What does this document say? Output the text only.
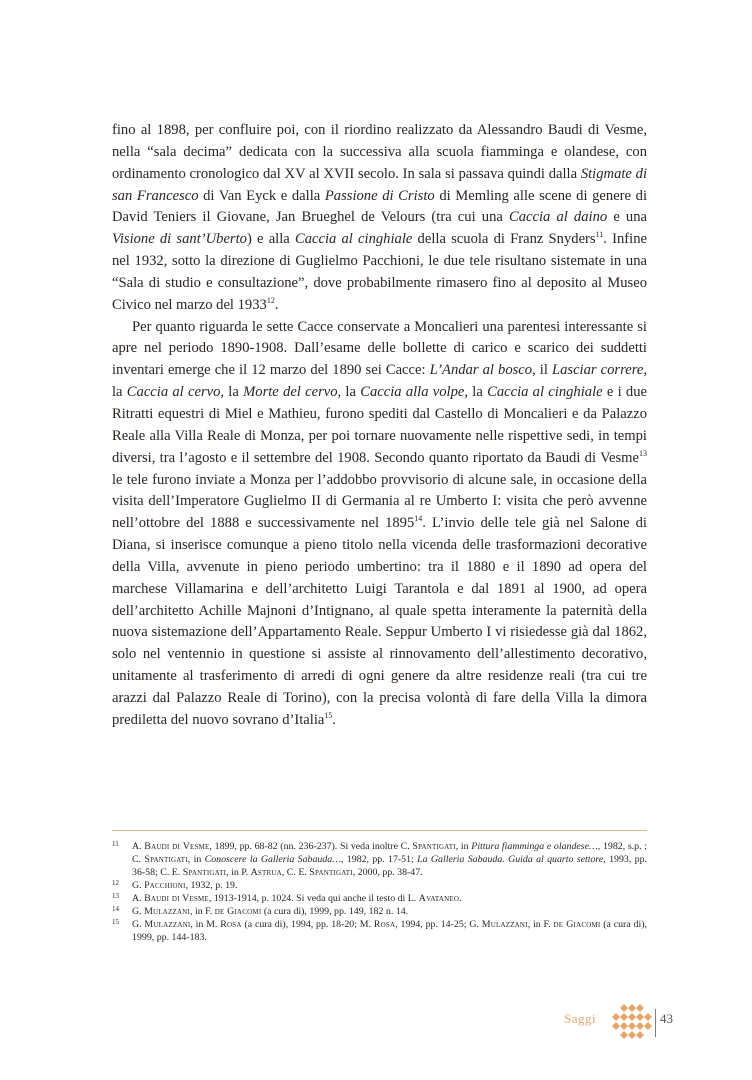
fino al 1898, per confluire poi, con il riordino realizzato da Alessandro Baudi di Vesme, nella “sala decima” dedicata con la successiva alla scuola fiamminga e olandese, con ordinamento cronologico dal XV al XVII secolo. In sala si passava quindi dalla Stigmate di san Francesco di Van Eyck e dalla Passione di Cristo di Memling alle scene di genere di David Teniers il Giovane, Jan Brueghel de Velours (tra cui una Caccia al daino e una Visione di sant’Uberto) e alla Caccia al cinghiale della scuola di Franz Snyders$^{11}$. Infine nel 1932, sotto la direzione di Guglielmo Pacchioni, le due tele risultano sistemate in una “Sala di studio e consultazione”, dove probabilmente rimasero fino al deposito al Museo Civico nel marzo del 1933$^{12}$.

Per quanto riguarda le sette Cacce conservate a Moncalieri una parentesi interessante si apre nel periodo 1890-1908. Dall’esame delle bollette di carico e scarico dei suddetti inventari emerge che il 12 marzo del 1890 sei Cacce: L’Andar al bosco, il Lasciar correre, la Caccia al cervo, la Morte del cervo, la Caccia alla volpe, la Caccia al cinghiale e i due Ritratti equestri di Miel e Mathieu, furono spediti dal Castello di Moncalieri e da Palazzo Reale alla Villa Reale di Monza, per poi tornare nuovamente nelle rispettive sedi, in tempi diversi, tra l’agosto e il settembre del 1908. Secondo quanto riportato da Baudi di Vesme$^{13}$ le tele furono inviate a Monza per l’addobbo provvisorio di alcune sale, in occasione della visita dell’Imperatore Guglielmo II di Germania al re Umberto I: visita che però avvenne nell’ottobre del 1888 e successivamente nel 1895$^{14}$. L’invio delle tele già nel Salone di Diana, si inserisce comunque a pieno titolo nella vicenda delle trasformazioni decorative della Villa, avvenute in pieno periodo umbertino: tra il 1880 e il 1890 ad opera del marchese Villamarina e dell’architetto Luigi Tarantola e dal 1891 al 1900, ad opera dell’architetto Achille Majnoni d’Intignano, al quale spetta interamente la paternità della nuova sistemazione dell’Appartamento Reale. Seppur Umberto I vi risiedesse già dal 1862, solo nel ventennio in questione si assiste al rinnovamento dell’allestimento decorativo, unitamente al trasferimento di arredi di ogni genere da altre residenze reali (tra cui tre arazzi dal Palazzo Reale di Torino), con la precisa volontà di fare della Villa la dimora prediletta del nuovo sovrano d’Italia$^{15}$.

11 A. Baudi di Vesme, 1899, pp. 68-82 (nn. 236-237). Si veda inoltre C. Spantigati, in Pittura fiamminga e olandese…, 1982, s.p. ; C. Spantigati, in Conoscere la Galleria Sabauda…, 1982, pp. 17-51; La Galleria Sabauda. Guida al quarto settore, 1993, pp. 36-58; C. E. Spantigati, in P. Astrua, C. E. Spantigati, 2000, pp. 38-47.

12 G. Pacchioni, 1932, p. 19.

13 A. Baudi di Vesme, 1913-1914, p. 1024. Si veda qui anche il testo di L. Avataneo.

14 G. Mulazzani, in F. de Giacomi (a cura di), 1999, pp. 149, 182 n. 14.

15 G. Mulazzani, in M. Rosa (a cura di), 1994, pp. 18-20; M. Rosa, 1994, pp. 14-25; G. Mulazzani, in F. de Giacomi (a cura di), 1999, pp. 144-183.

Saggi	43
